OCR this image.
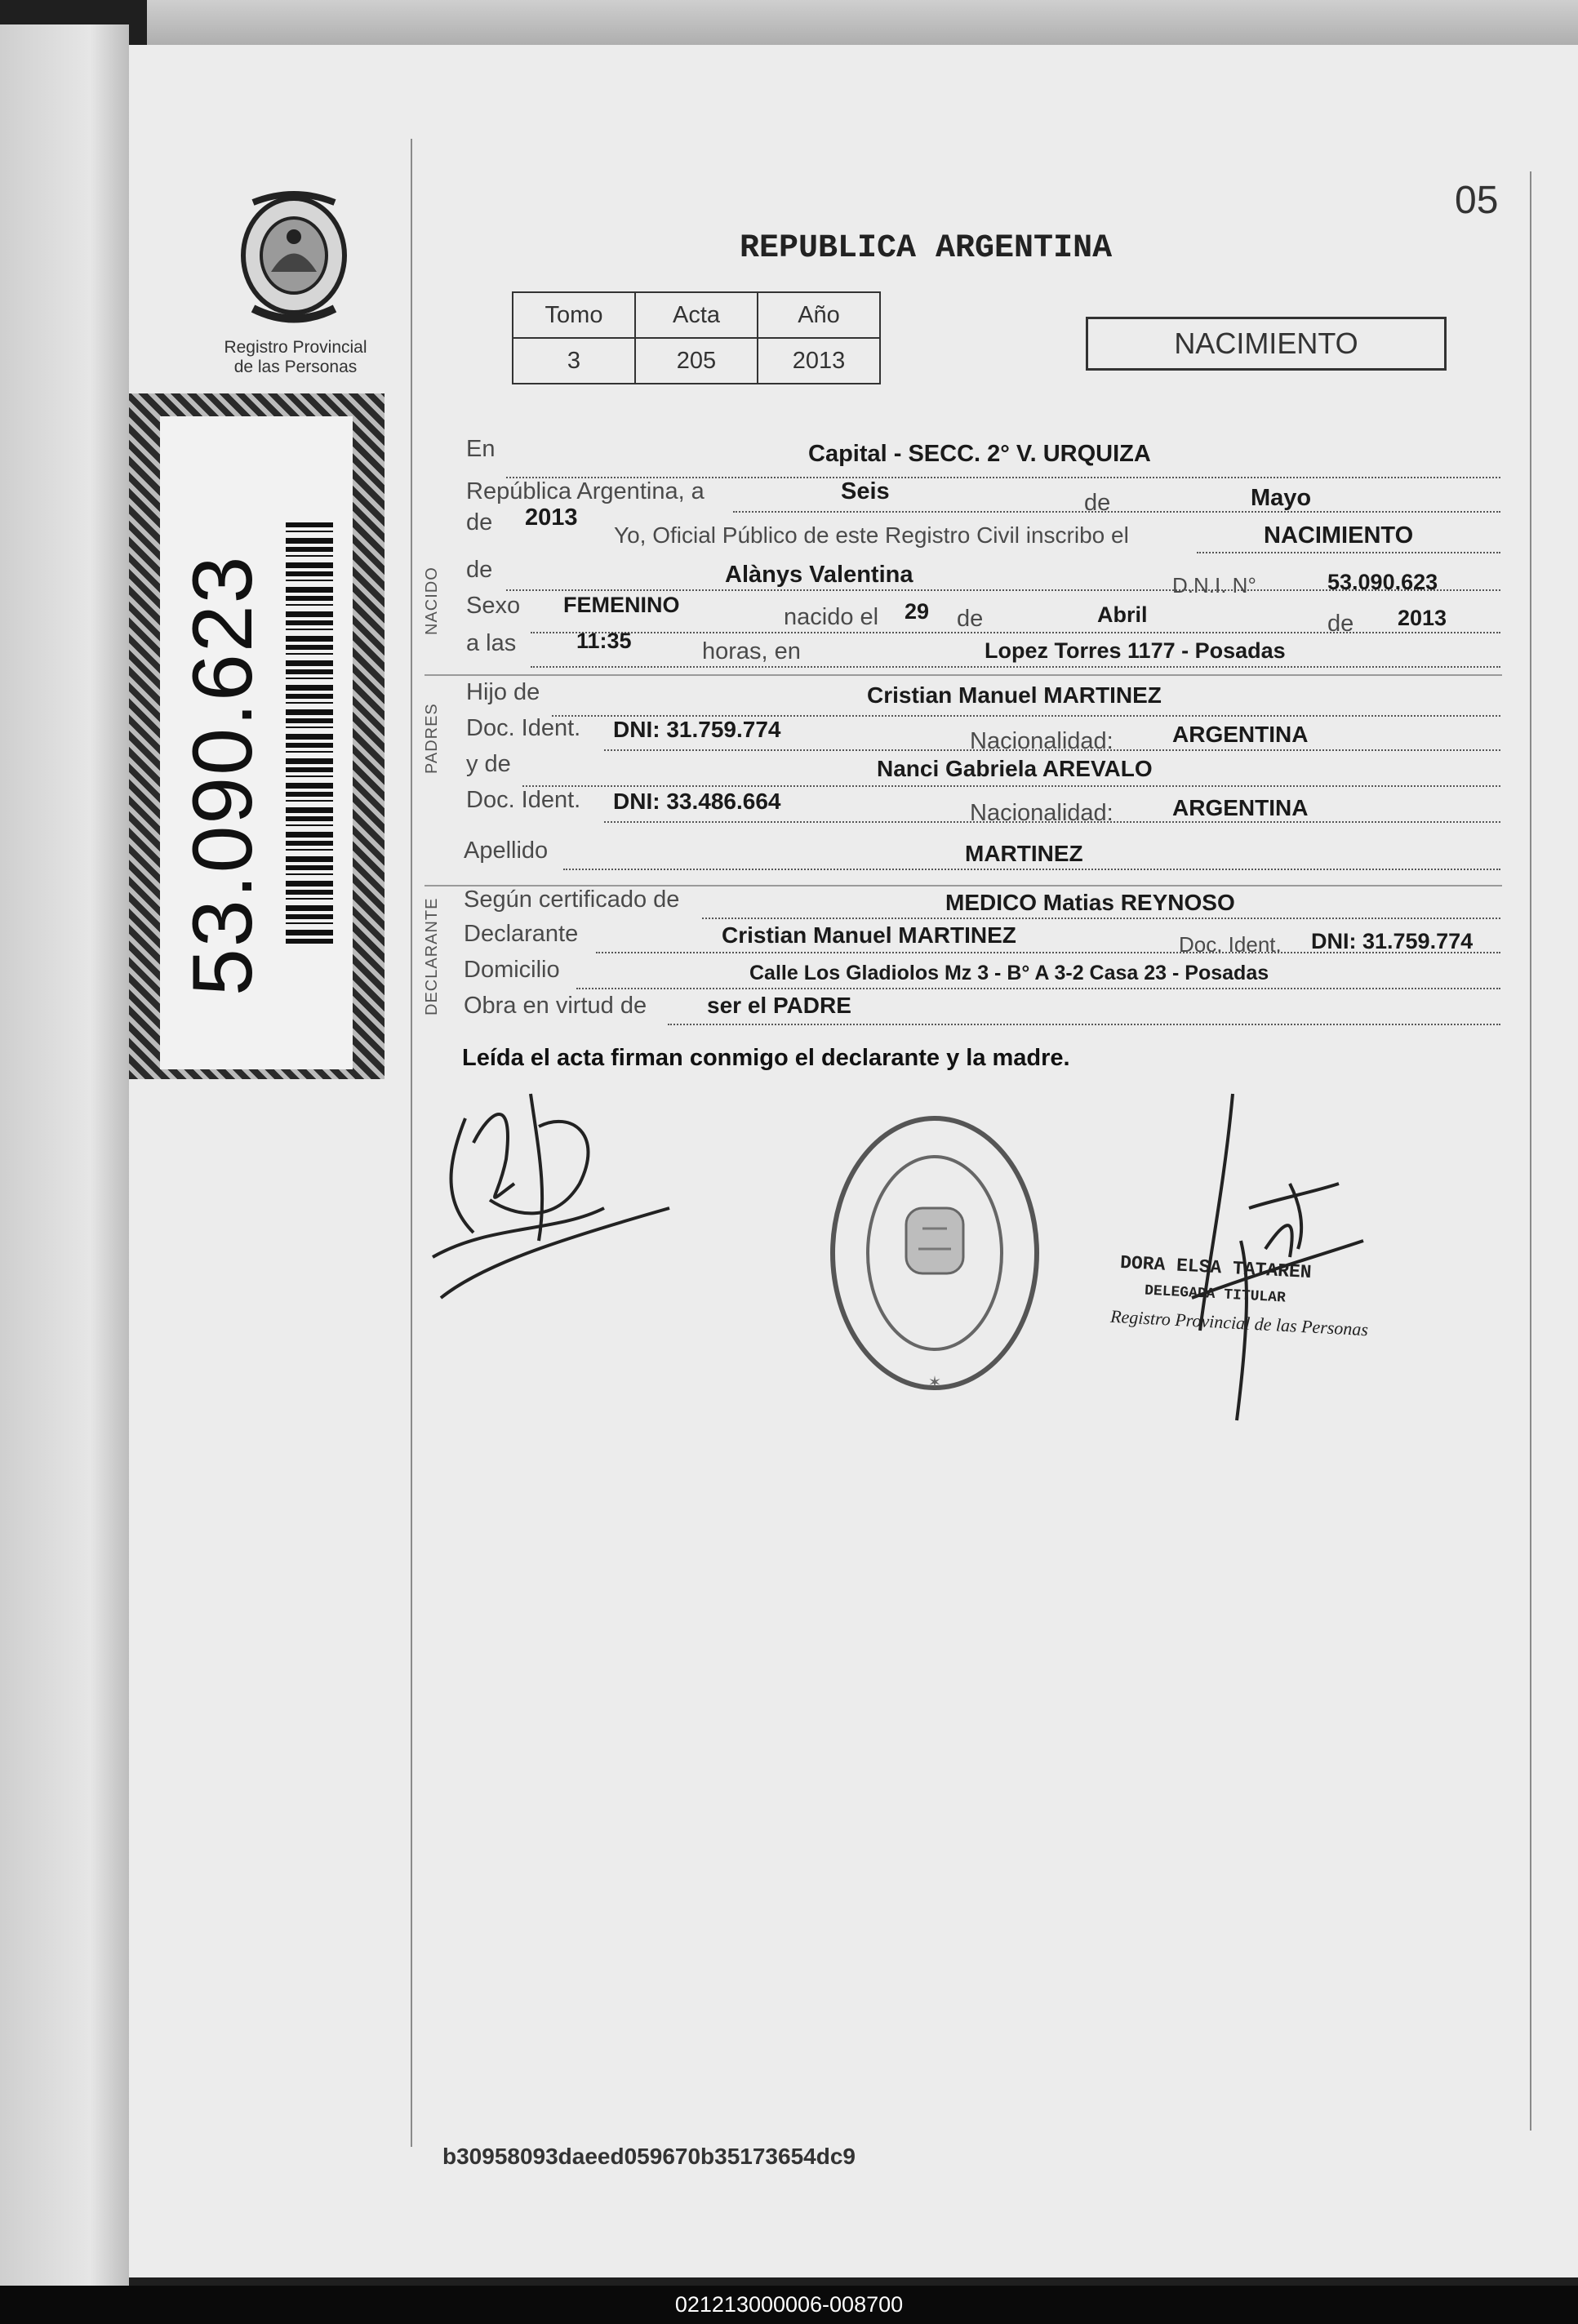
05
Registro Provincial
de las Personas
53.090.623
REPUBLICA ARGENTINA
Tomo	Acta	Año
3	205	2013
NACIMIENTO
NACIDO
PADRES
DECLARANTE
En	Capital - SECC. 2° V. URQUIZA
República Argentina, a	Seis	de	Mayo
de 2013
Yo, Oficial Público de este Registro Civil inscribo el	NACIMIENTO
de	Alànys Valentina	D.N.I. N°	53.090.623
Sexo FEMENINO	nacido el 29 de	Abril	de 2013
a las	11:35	horas, en	Lopez Torres 1177 - Posadas
Hijo de	Cristian Manuel MARTINEZ
Doc. Ident. DNI: 31.759.774	Nacionalidad:	ARGENTINA
y de	Nanci Gabriela AREVALO
Doc. Ident. DNI: 33.486.664	Nacionalidad:	ARGENTINA
Apellido	MARTINEZ
Según certificado de	MEDICO Matias REYNOSO
Declarante	Cristian Manuel MARTINEZ	Doc. Ident. DNI: 31.759.774
Domicilio	Calle Los Gladiolos Mz 3 - B° A 3-2 Casa 23 - Posadas
Obra en virtud de	ser el PADRE
Leída el acta firman conmigo el declarante y la madre.
✶
DORA ELSA TATAREN
DELEGADA TITULAR
Registro Provincial de las Personas
b30958093daeed059670b35173654dc9
021213000006-008700
